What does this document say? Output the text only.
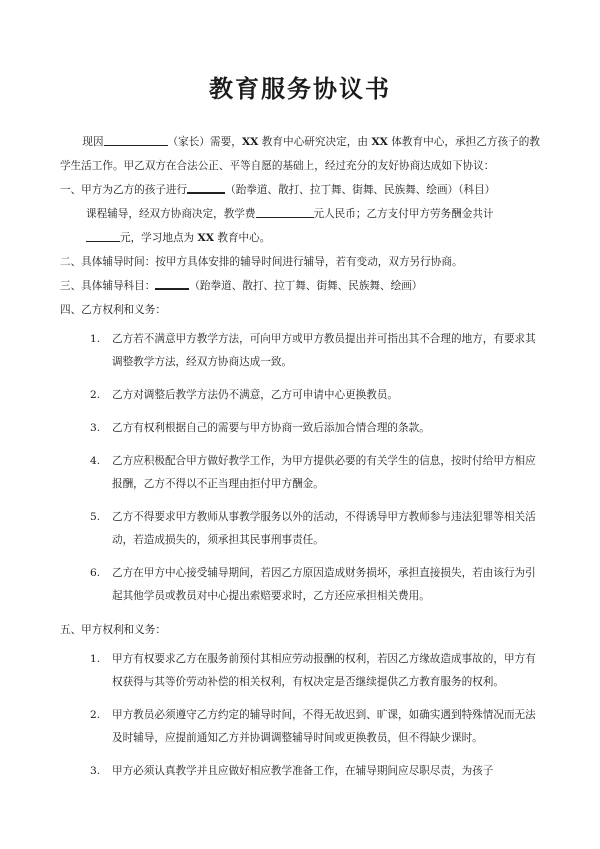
教育服务协议书

现因	（家长）需要，XX 教育中心研究决定，由 XX 体教育中心，承担乙方孩子的教学生活工作。甲乙双方在合法公正、平等自愿的基础上，经过充分的友好协商达成如下协议：

一、甲方为乙方的孩子进行	（跆拳道、散打、拉丁舞、街舞、民族舞、绘画）（科目）

课程辅导，经双方协商决定，教学费	元人民币；乙方支付甲方劳务酬金共计
元，学习地点为 XX 教育中心。

二、具体辅导时间：按甲方具体安排的辅导时间进行辅导，若有变动，双方另行协商。

三、具体辅导科目：	（跆拳道、散打、拉丁舞、街舞、民族舞、绘画）

四、乙方权利和义务：

1. 乙方若不满意甲方教学方法，可向甲方或甲方教员提出并可指出其不合理的地方，有要求其调整教学方法，经双方协商达成一致。
2. 乙方对调整后教学方法仍不满意，乙方可申请中心更换教员。
3. 乙方有权利根据自己的需要与甲方协商一致后添加合情合理的条款。
4. 乙方应积极配合甲方做好教学工作，为甲方提供必要的有关学生的信息，按时付给甲方相应报酬，乙方不得以不正当理由拒付甲方酬金。
5. 乙方不得要求甲方教师从事教学服务以外的活动，不得诱导甲方教师参与违法犯罪等相关活动，若造成损失的，须承担其民事刑事责任。
6. 乙方在甲方中心接受辅导期间，若因乙方原因造成财务损坏，承担直接损失，若由该行为引起其他学员或教员对中心提出索赔要求时，乙方还应承担相关费用。

五、甲方权利和义务：

1. 甲方有权要求乙方在服务前预付其相应劳动报酬的权利，若因乙方缘故造成事故的，甲方有权获得与其等价劳动补偿的相关权利，有权决定是否继续提供乙方教育服务的权利。
2. 甲方教员必须遵守乙方约定的辅导时间，不得无故迟到、旷课，如确实遇到特殊情况而无法及时辅导，应提前通知乙方并协调调整辅导时间或更换教员，但不得缺少课时。
3. 甲方必须认真教学并且应做好相应教学准备工作，在辅导期间应尽职尽责，为孩子
